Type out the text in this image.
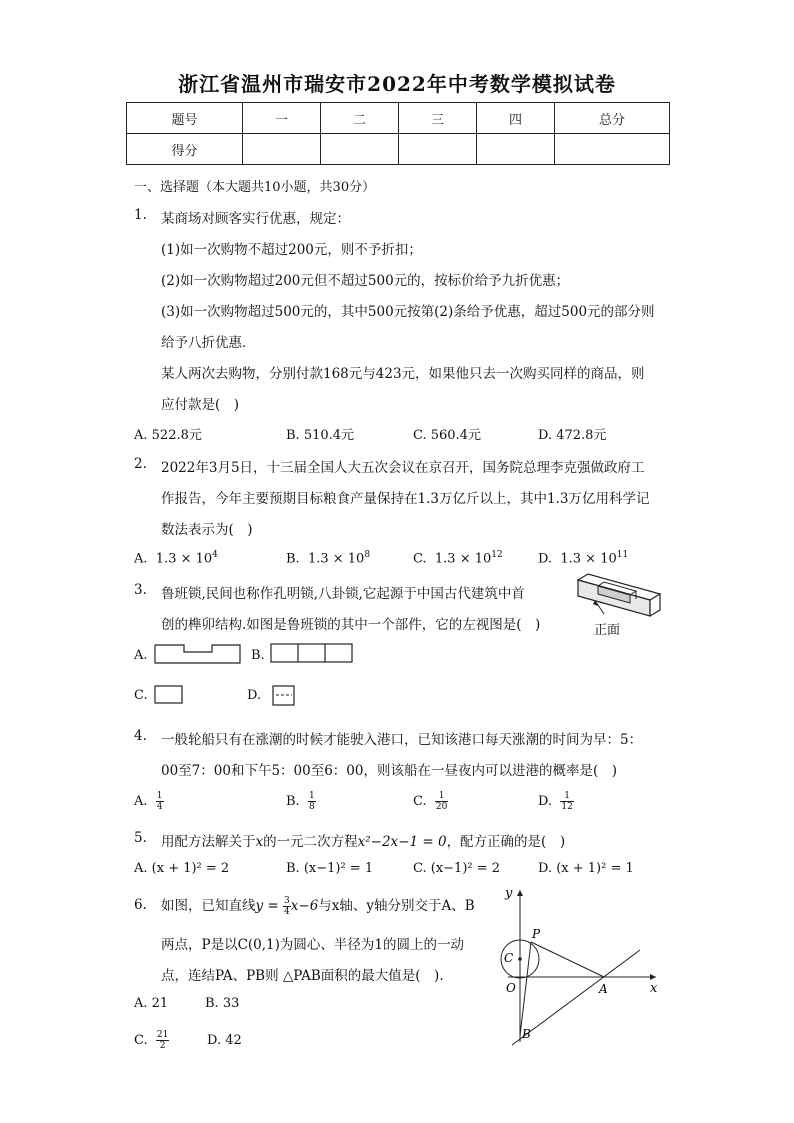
浙江省温州市瑞安市2022年中考数学模拟试卷
题号	一	二	三	四	总分
得分					
一、选择题（本大题共10小题，共30分）
1. 某商场对顾客实行优惠，规定：
(1)如一次购物不超过200元，则不予折扣；
(2)如一次购物超过200元但不超过500元的，按标价给予九折优惠；
(3)如一次购物超过500元的，其中500元按第(2)条给予优惠，超过500元的部分则
给予八折优惠．
某人两次去购物，分别付款168元与423元，如果他只去一次购买同样的商品，则
应付款是(　)
A. 522.8元	B. 510.4元	C. 560.4元	D. 472.8元
2. 2022年3月5日，十三届全国人大五次会议在京召开，国务院总理李克强做政府工
作报告，今年主要预期目标粮食产量保持在1.3万亿斤以上，其中1.3万亿用科学记
数法表示为(　)
A. $1.3 \times 10^4$	B. $1.3 \times 10^8$	C. $1.3 \times 10^{12}$	D. $1.3 \times 10^{11}$
3. 鲁班锁,民间也称作孔明锁,八卦锁,它起源于中国古代建筑中首
创的榫卯结构.如图是鲁班锁的其中一个部件，它的左视图是(　)	正面
A.	B.
C.	D.
4. 一般轮船只有在涨潮的时候才能驶入港口，已知该港口每天涨潮的时间为早：5：
00至7：00和下午5：00至6：00，则该船在一昼夜内可以进港的概率是(　)
A. $\frac{1}{4}$	B. $\frac{1}{8}$	C. $\frac{1}{20}$	D. $\frac{1}{12}$
5. 用配方法解关于x的一元二次方程x²−2x−1 = 0，配方正确的是(　)
A. (x + 1)² = 2	B. (x−1)² = 1	C. (x−1)² = 2	D. (x + 1)² = 1
6. 如图，已知直线$y = \frac{3}{4} x-6$与x轴、y轴分别交于A、B
两点，P是以C(0,1)为圆心、半径为1的圆上的一动
点，连结PA、PB则 △PAB面积的最大值是(　).
A. 21	B. 33
C. $\frac{21}{2}$	D. 42
y
x
P
C
O	A
B
